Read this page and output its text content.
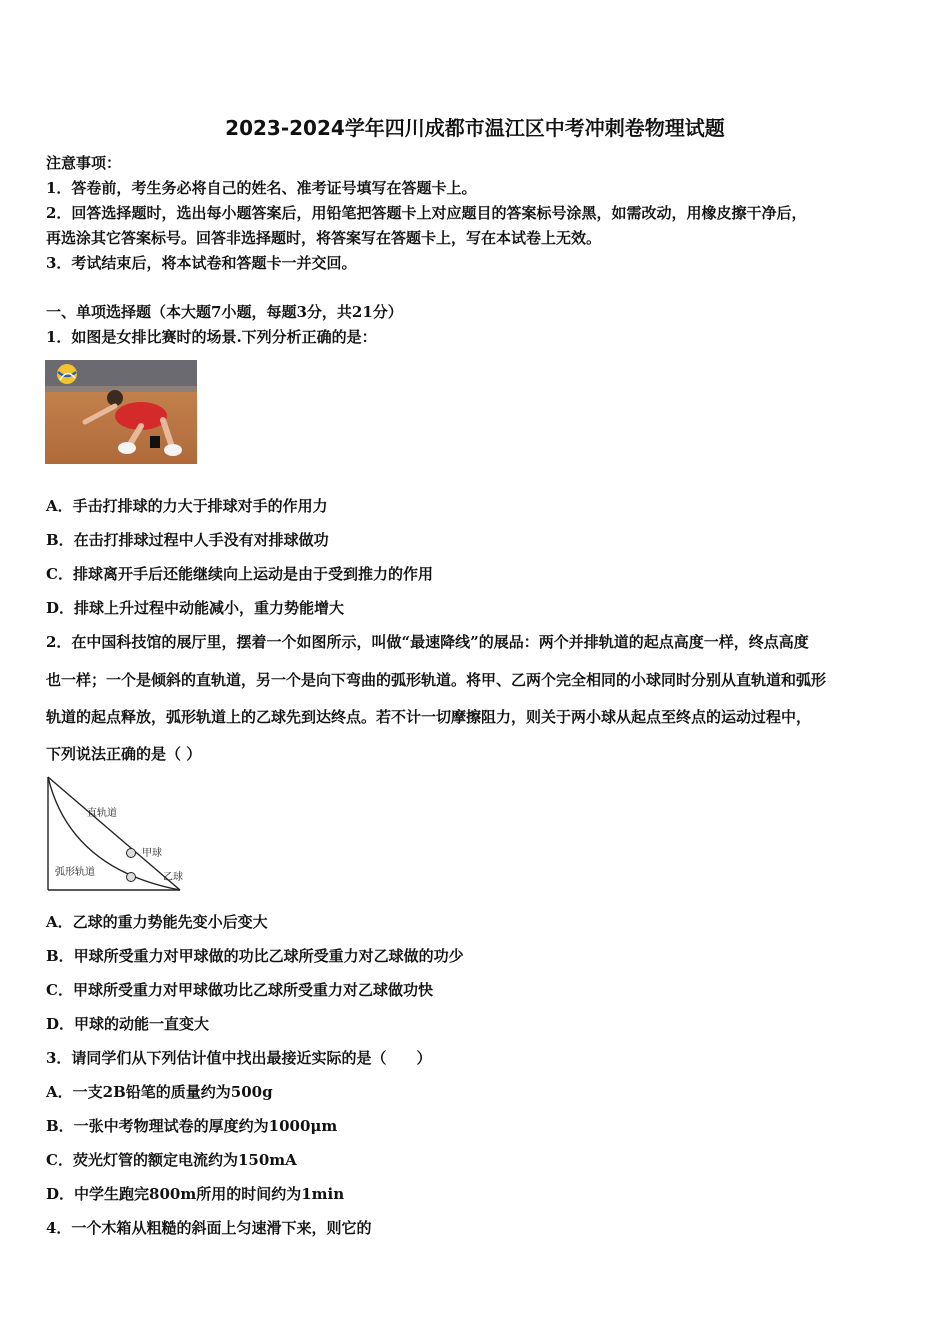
2023-2024学年四川成都市温江区中考冲刺卷物理试题
注意事项：
1．答卷前，考生务必将自己的姓名、准考证号填写在答题卡上。
2．回答选择题时，选出每小题答案后，用铅笔把答题卡上对应题目的答案标号涂黑，如需改动，用橡皮擦干净后，
再选涂其它答案标号。回答非选择题时，将答案写在答题卡上，写在本试卷上无效。
3．考试结束后，将本试卷和答题卡一并交回。
一、单项选择题（本大题7小题，每题3分，共21分）
1．如图是女排比赛时的场景.下列分析正确的是：
A．手击打排球的力大于排球对手的作用力
B．在击打排球过程中人手没有对排球做功
C．排球离开手后还能继续向上运动是由于受到推力的作用
D．排球上升过程中动能减小，重力势能增大
2．在中国科技馆的展厅里，摆着一个如图所示，叫做“最速降线”的展品：两个并排轨道的起点高度一样，终点高度
也一样；一个是倾斜的直轨道，另一个是向下弯曲的弧形轨道。将甲、乙两个完全相同的小球同时分别从直轨道和弧形
轨道的起点释放，弧形轨道上的乙球先到达终点。若不计一切摩擦阻力，则关于两小球从起点至终点的运动过程中，
下列说法正确的是（ ）
直轨道
甲球
弧形轨道	乙球
A．乙球的重力势能先变小后变大
B．甲球所受重力对甲球做的功比乙球所受重力对乙球做的功少
C．甲球所受重力对甲球做功比乙球所受重力对乙球做功快
D．甲球的动能一直变大
3．请同学们从下列估计值中找出最接近实际的是（　　）
A．一支2B铅笔的质量约为500g
B．一张中考物理试卷的厚度约为1000μm
C．荧光灯管的额定电流约为150mA
D．中学生跑完800m所用的时间约为1min
4．一个木箱从粗糙的斜面上匀速滑下来，则它的
